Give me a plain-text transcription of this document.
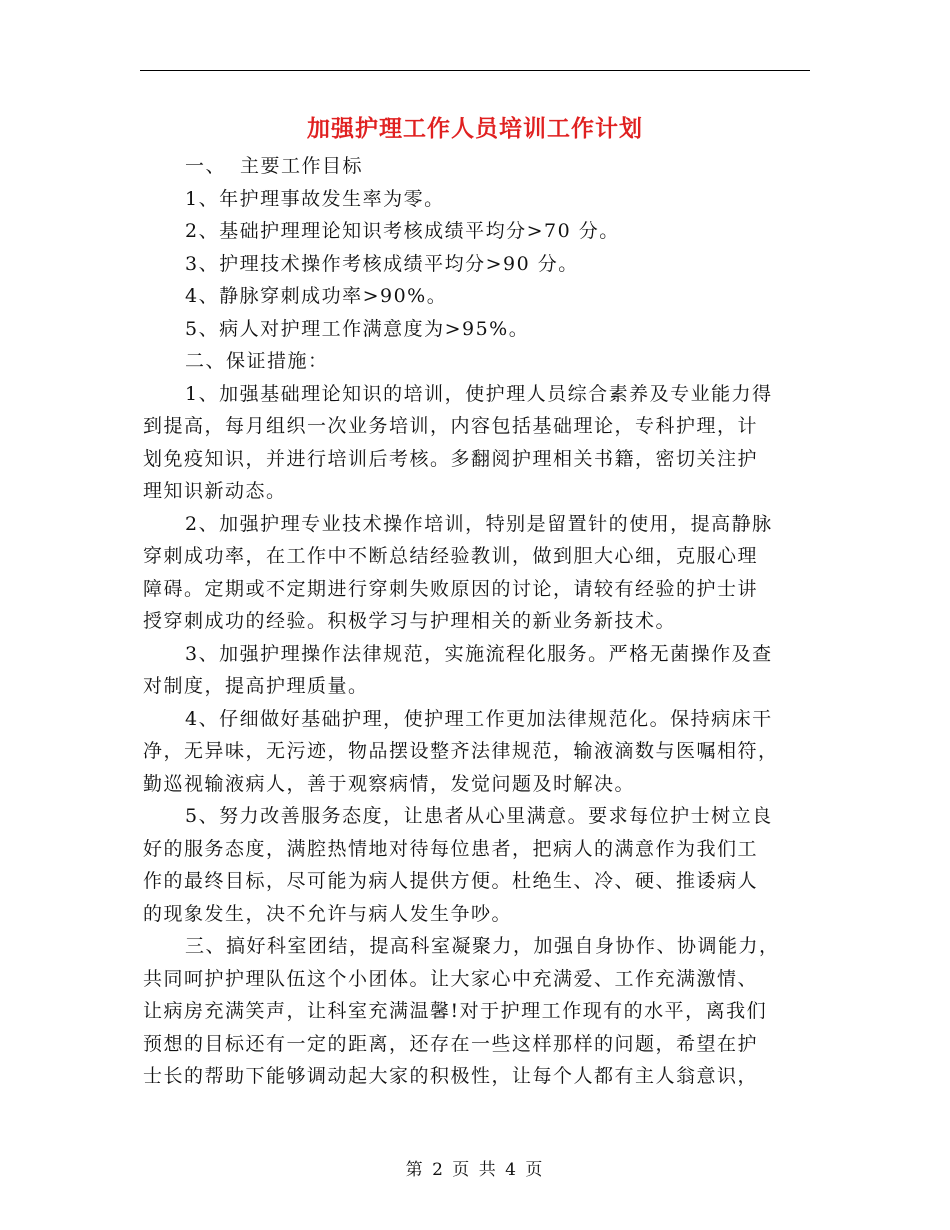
加强护理工作人员培训工作计划
一、 主要工作目标
1、年护理事故发生率为零。
2、基础护理理论知识考核成绩平均分>70 分。
3、护理技术操作考核成绩平均分>90 分。
4、静脉穿刺成功率>90%。
5、病人对护理工作满意度为>95%。
二、保证措施：
1、加强基础理论知识的培训，使护理人员综合素养及专业能力得
到提高，每月组织一次业务培训，内容包括基础理论，专科护理，计
划免疫知识，并进行培训后考核。多翻阅护理相关书籍，密切关注护
理知识新动态。
2、加强护理专业技术操作培训，特别是留置针的使用，提高静脉
穿刺成功率，在工作中不断总结经验教训，做到胆大心细，克服心理
障碍。定期或不定期进行穿刺失败原因的讨论，请较有经验的护士讲
授穿刺成功的经验。积极学习与护理相关的新业务新技术。
3、加强护理操作法律规范，实施流程化服务。严格无菌操作及查
对制度，提高护理质量。
4、仔细做好基础护理，使护理工作更加法律规范化。保持病床干
净，无异味，无污迹，物品摆设整齐法律规范，输液滴数与医嘱相符，
勤巡视输液病人，善于观察病情，发觉问题及时解决。
5、努力改善服务态度，让患者从心里满意。要求每位护士树立良
好的服务态度，满腔热情地对待每位患者，把病人的满意作为我们工
作的最终目标，尽可能为病人提供方便。杜绝生、冷、硬、推诿病人
的现象发生，决不允许与病人发生争吵。
三、搞好科室团结，提高科室凝聚力，加强自身协作、协调能力，
共同呵护护理队伍这个小团体。让大家心中充满爱、工作充满激情、
让病房充满笑声，让科室充满温馨!对于护理工作现有的水平，离我们
预想的目标还有一定的距离，还存在一些这样那样的问题，希望在护
士长的帮助下能够调动起大家的积极性，让每个人都有主人翁意识，
第 2 页 共 4 页
